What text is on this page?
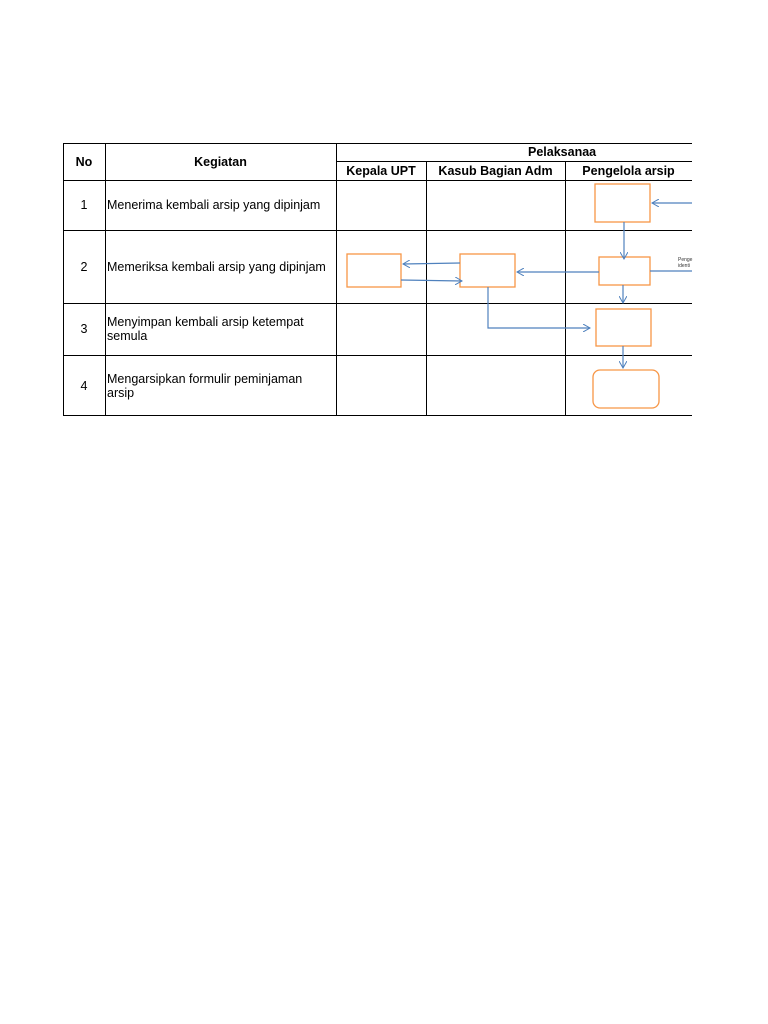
No	Kegiatan
Pelaksanaa
Kepala UPT	Kasub Bagian Adm	Pengelola arsip
1	Menerima kembali arsip yang dipinjam
2	Memeriksa kembali arsip yang dipinjam
3	Menyimpan kembali arsip ketempat semula
4	Mengarsipkan formulir peminjaman arsip
Penge
identi
